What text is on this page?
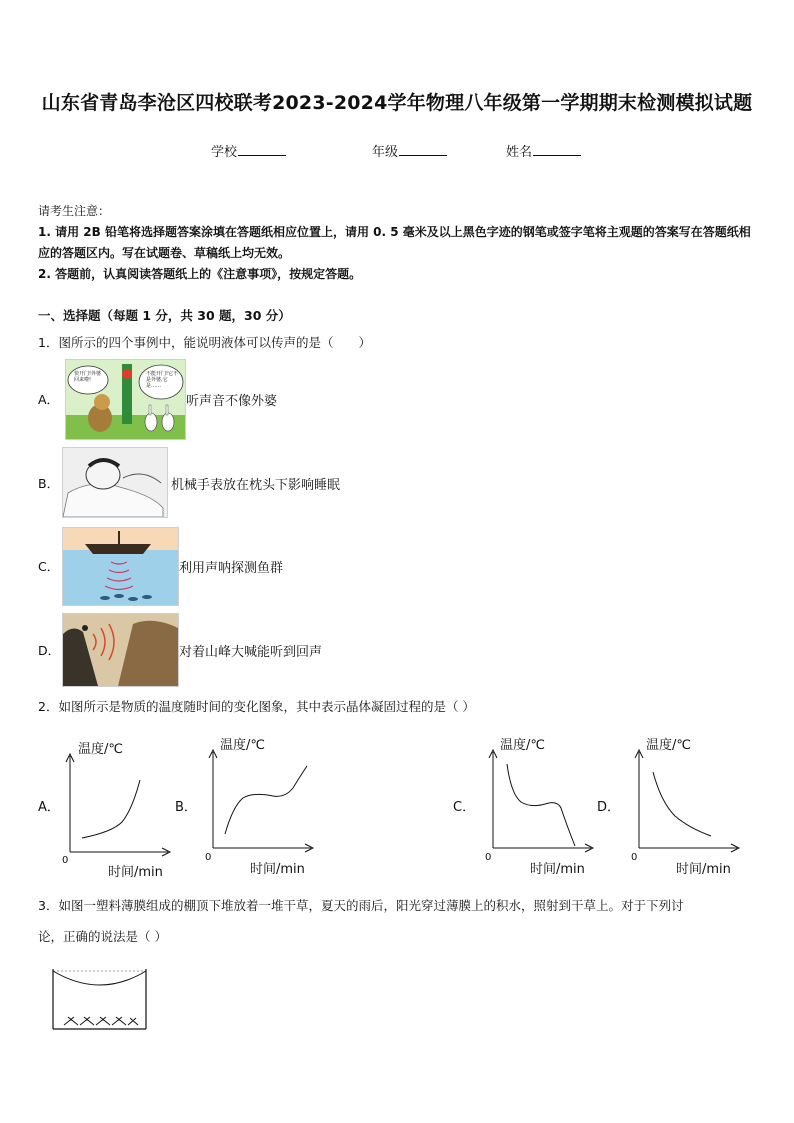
山东省青岛李沧区四校联考2023-2024学年物理八年级第一学期期末检测模拟试题
学校	年级	姓名
请考生注意：
1. 请用 2B 铅笔将选择题答案涂填在答题纸相应位置上，请用 0. 5 毫米及以上黑色字迹的钢笔或签字笔将主观题的答案写在答题纸相应的答题区内。写在试题卷、草稿纸上均无效。
2. 答题前，认真阅读答题纸上的《注意事项》，按规定答题。
一、选择题（每题 1 分，共 30 题，30 分）
1．图所示的四个事例中，能说明液体可以传声的是（　　）
A．
快开门!外婆回来啦!
不能开门!它不是外婆,它是……
听声音不像外婆
B．	机械手表放在枕头下影响睡眠
C．	利用声呐探测鱼群
D．	对着山峰大喊能听到回声
2．如图所示是物质的温度随时间的变化图象，其中表示晶体凝固过程的是（ ）
A．
温度/℃
0
时间/min
B．
温度/℃
0
时间/min
C．
温度/℃
0
时间/min
D．
温度/℃
0
时间/min
3．如图一塑料薄膜组成的棚顶下堆放着一堆干草，夏天的雨后，阳光穿过薄膜上的积水，照射到干草上。对于下列讨
论，正确的说法是（ ）
